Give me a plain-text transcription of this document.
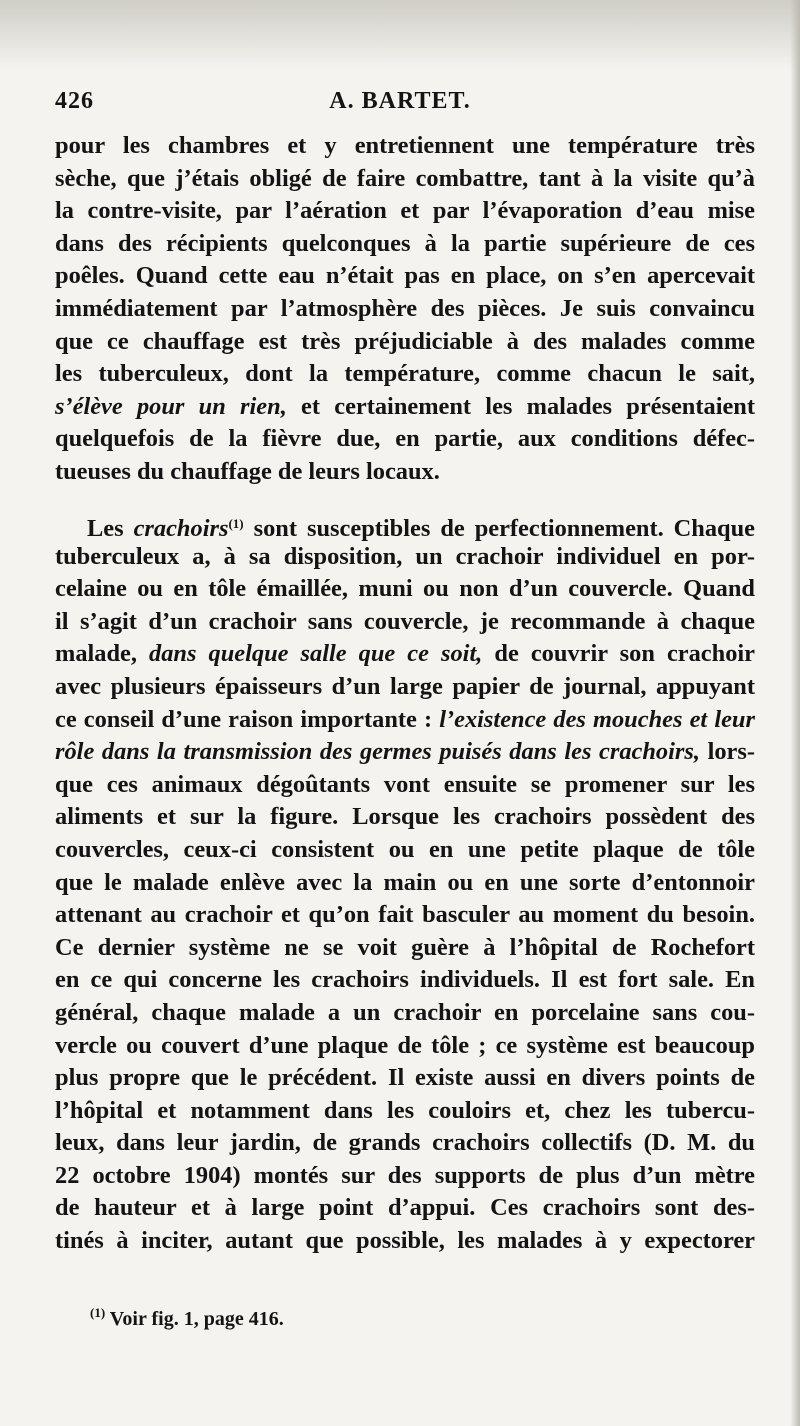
426	A. BARTET.
pour les chambres et y entretiennent une température très
sèche, que j’étais obligé de faire combattre, tant à la visite qu’à
la contre-visite, par l’aération et par l’évaporation d’eau mise
dans des récipients quelconques à la partie supérieure de ces
poêles. Quand cette eau n’était pas en place, on s’en apercevait
immédiatement par l’atmosphère des pièces. Je suis convaincu
que ce chauffage est très préjudiciable à des malades comme
les tuberculeux, dont la température, comme chacun le sait,
s’élève pour un rien, et certainement les malades présentaient
quelquefois de la fièvre due, en partie, aux conditions défec-
tueuses du chauffage de leurs locaux.
Les crachoirs$^{(1)}$ sont susceptibles de perfectionnement. Chaque
tuberculeux a, à sa disposition, un crachoir individuel en por-
celaine ou en tôle émaillée, muni ou non d’un couvercle. Quand
il s’agit d’un crachoir sans couvercle, je recommande à chaque
malade, dans quelque salle que ce soit, de couvrir son crachoir
avec plusieurs épaisseurs d’un large papier de journal, appuyant
ce conseil d’une raison importante : l’existence des mouches et leur
rôle dans la transmission des germes puisés dans les crachoirs, lors-
que ces animaux dégoûtants vont ensuite se promener sur les
aliments et sur la figure. Lorsque les crachoirs possèdent des
couvercles, ceux-ci consistent ou en une petite plaque de tôle
que le malade enlève avec la main ou en une sorte d’entonnoir
attenant au crachoir et qu’on fait basculer au moment du besoin.
Ce dernier système ne se voit guère à l’hôpital de Rochefort
en ce qui concerne les crachoirs individuels. Il est fort sale. En
général, chaque malade a un crachoir en porcelaine sans cou-
vercle ou couvert d’une plaque de tôle ; ce système est beaucoup
plus propre que le précédent. Il existe aussi en divers points de
l’hôpital et notamment dans les couloirs et, chez les tubercu-
leux, dans leur jardin, de grands crachoirs collectifs (D. M. du
22 octobre 1904) montés sur des supports de plus d’un mètre
de hauteur et à large point d’appui. Ces crachoirs sont des-
tinés à inciter, autant que possible, les malades à y expectorer
$^{(1)}$ Voir fig. 1, page 416.
